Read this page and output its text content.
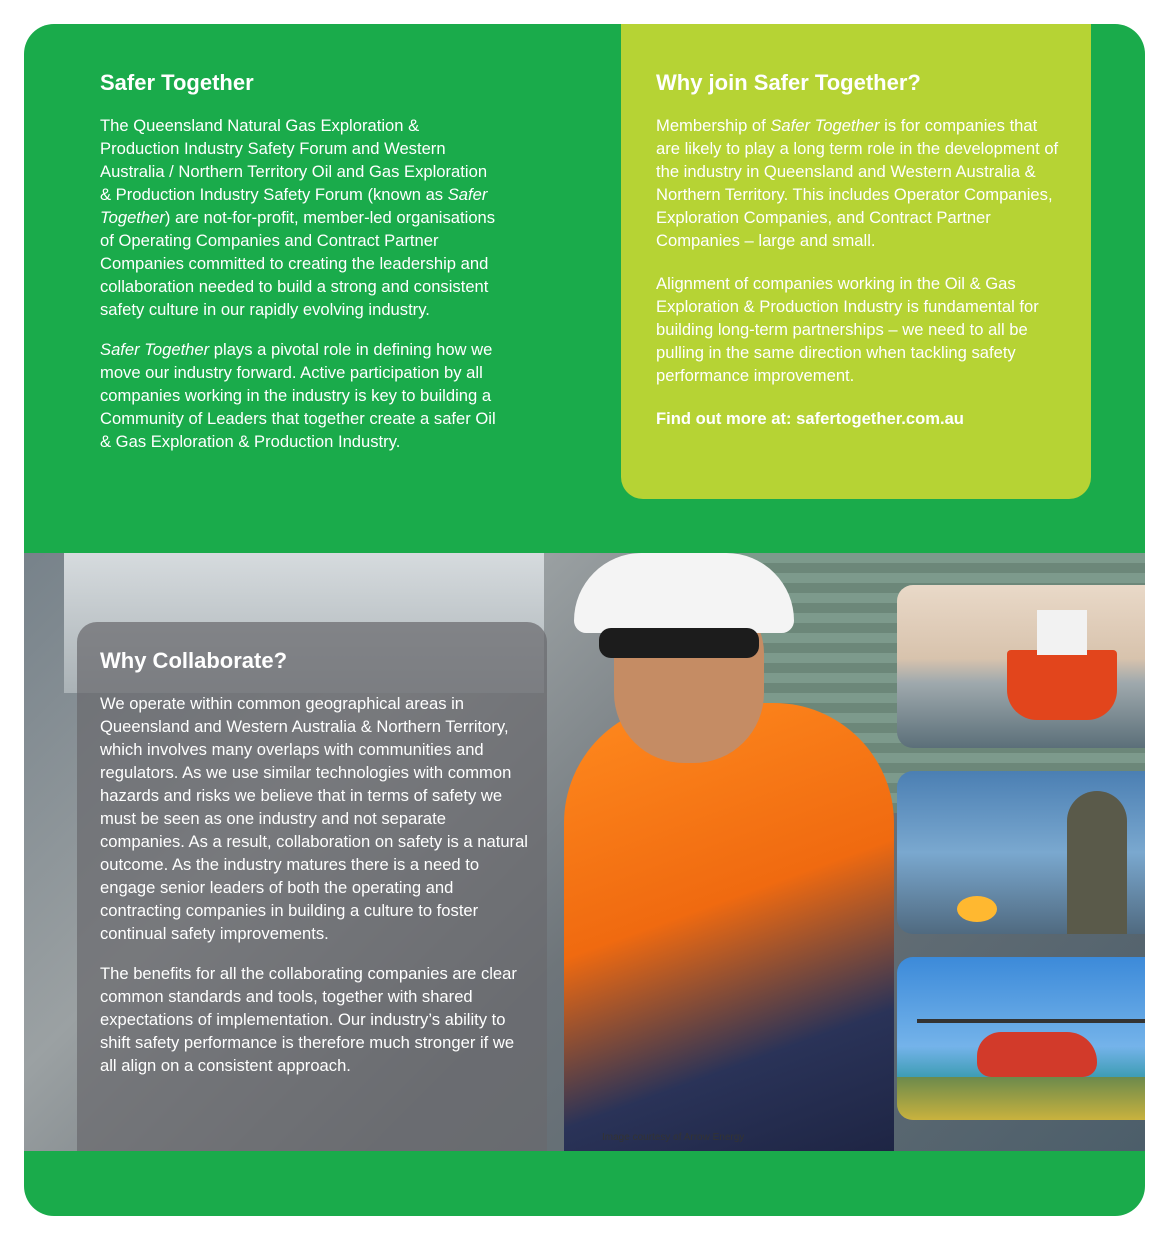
Safer Together

The Queensland Natural Gas Exploration & Production Industry Safety Forum and Western Australia / Northern Territory Oil and Gas Exploration & Production Industry Safety Forum (known as Safer Together) are not-for-profit, member-led organisations of Operating Companies and Contract Partner Companies committed to creating the leadership and collaboration needed to build a strong and consistent safety culture in our rapidly evolving industry.

Safer Together plays a pivotal role in defining how we move our industry forward. Active participation by all companies working in the industry is key to building a Community of Leaders that together create a safer Oil & Gas Exploration & Production Industry.

Why join Safer Together?

Membership of Safer Together is for companies that are likely to play a long term role in the development of the industry in Queensland and Western Australia & Northern Territory. This includes Operator Companies, Exploration Companies, and Contract Partner Companies – large and small.

Alignment of companies working in the Oil & Gas Exploration & Production Industry is fundamental for building long-term partnerships – we need to all be pulling in the same direction when tackling safety performance improvement.

Find out more at: safertogether.com.au

Why Collaborate?

We operate within common geographical areas in Queensland and Western Australia & Northern Territory, which involves many overlaps with communities and regulators. As we use similar technologies with common hazards and risks we believe that in terms of safety we must be seen as one industry and not separate companies. As a result, collaboration on safety is a natural outcome. As the industry matures there is a need to engage senior leaders of both the operating and contracting companies in building a culture to foster continual safety improvements.

The benefits for all the collaborating companies are clear common standards and tools, together with shared expectations of implementation. Our industry’s ability to shift safety performance is therefore much stronger if we all align on a consistent approach.

Image courtesy of Arrow Energy
